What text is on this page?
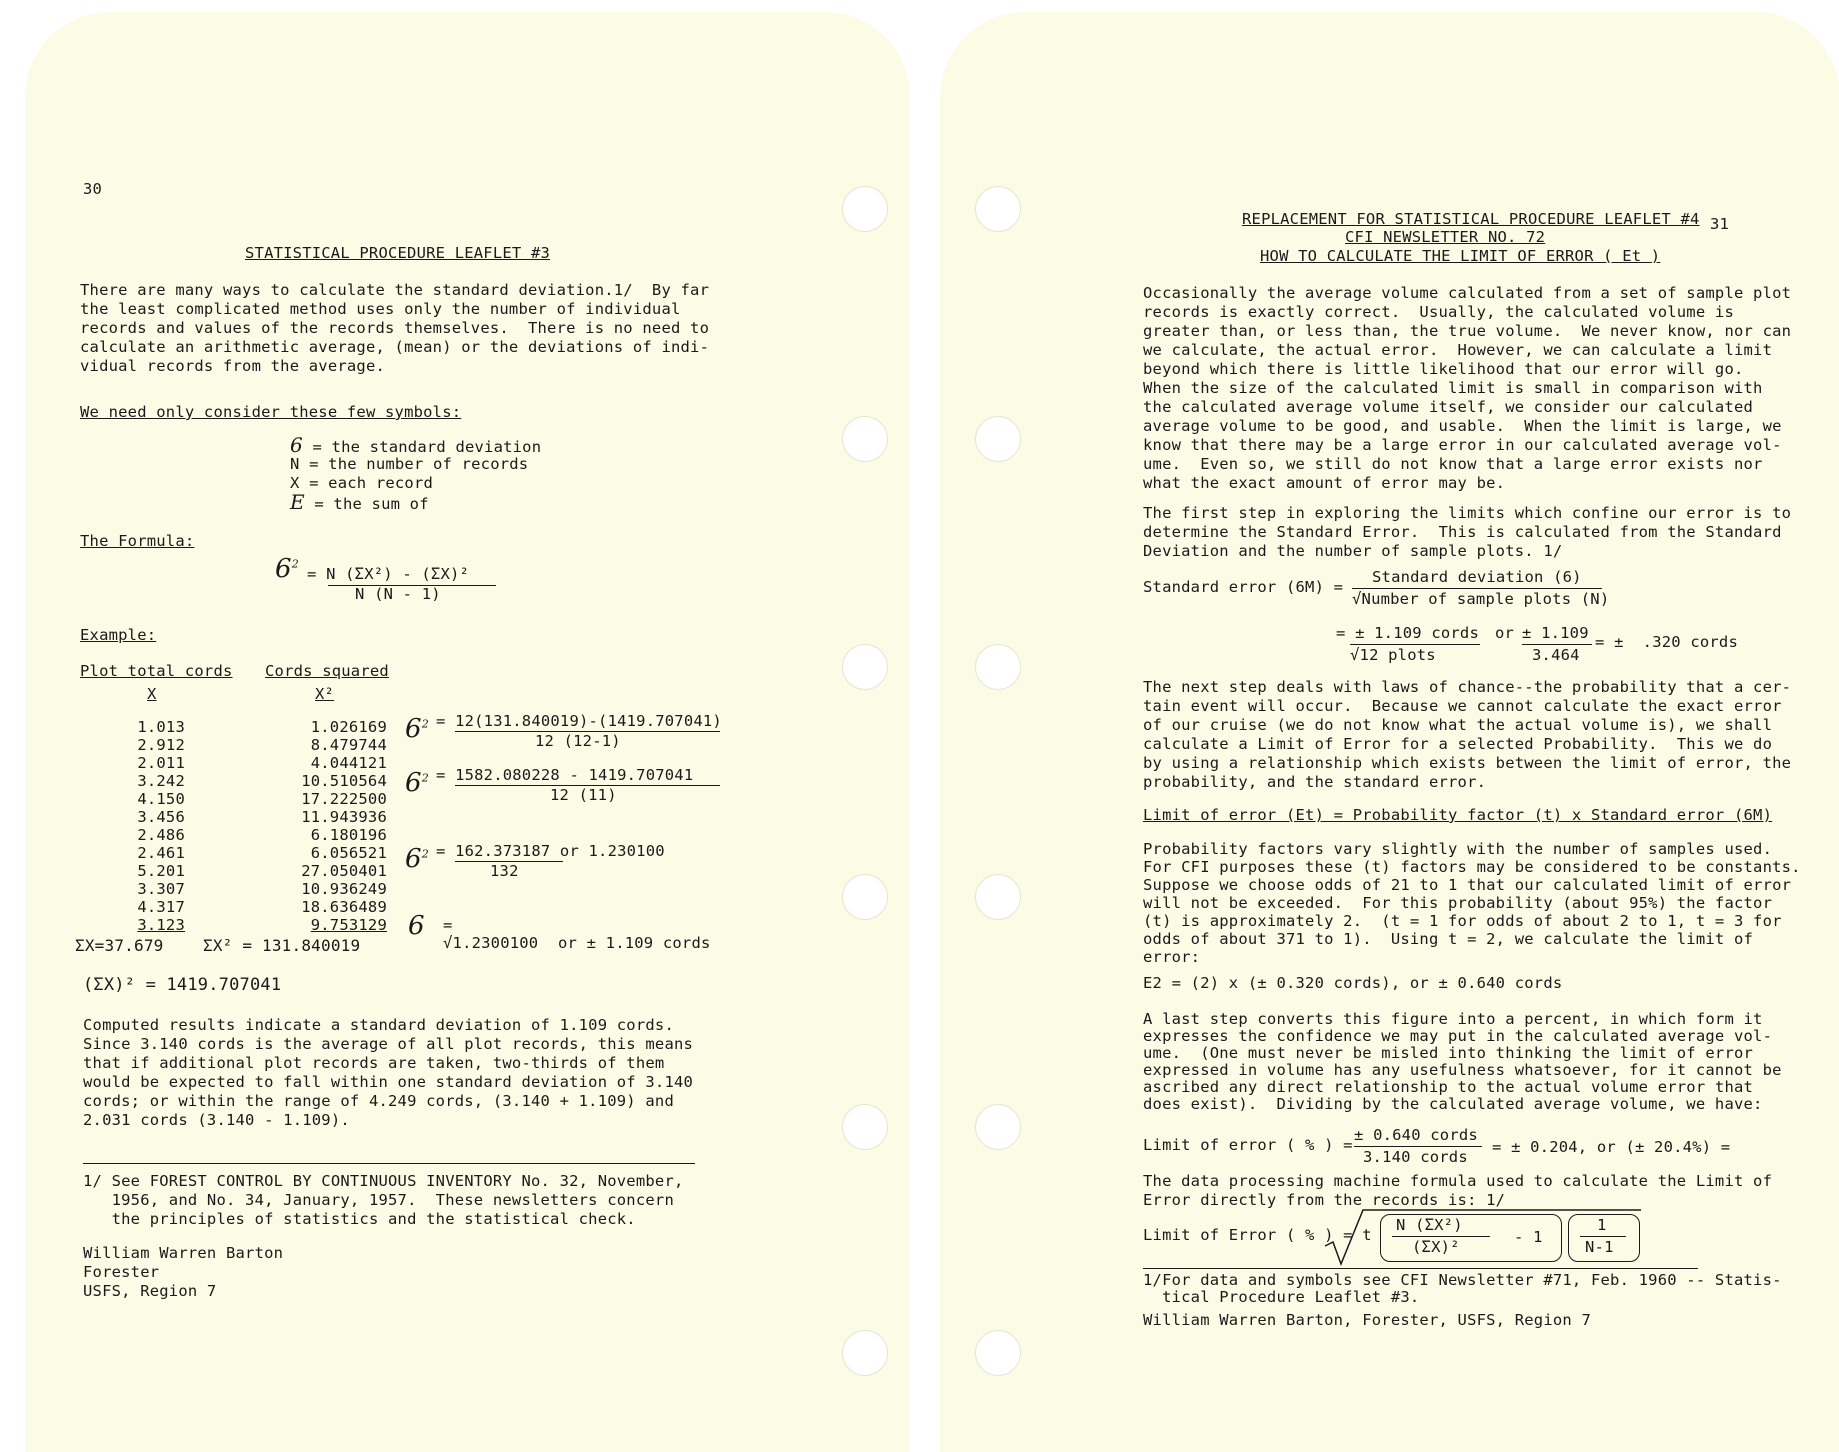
30
STATISTICAL PROCEDURE LEAFLET #3
There are many ways to calculate the standard deviation.1/  By far
the least complicated method uses only the number of individual
records and values of the records themselves.  There is no need to
calculate an arithmetic average, (mean) or the deviations of indi-
vidual records from the average.
We need only consider these few symbols:
6 = the standard deviation
N = the number of records
X = each record
E = the sum of
The Formula:
$6^2$
= N (ΣX²) - (ΣX)²
N (N - 1)
Example:
Plot total cords
X
Cords squared
X²
1.013
2.912
2.011
3.242
4.150
3.456
2.486
2.461
5.201
3.307
4.317
3.123
1.026169
8.479744
4.044121
10.510564
17.222500
11.943936
6.180196
6.056521
27.050401
10.936249
18.636489
9.753129
ΣX=37.679 ΣX² = 131.840019
$6^2 = 12(131.840019)-(1419.707041)$
12 (12-1)
$6^2 = 1582.080228 - 1419.707041$
12 (11)
$6^2 = 162.373187$ or 1.230100
132
6 =
√1.2300100 or ± 1.109 cords
(ΣX)² = 1419.707041
Computed results indicate a standard deviation of 1.109 cords.
Since 3.140 cords is the average of all plot records, this means
that if additional plot records are taken, two-thirds of them
would be expected to fall within one standard deviation of 3.140
cords; or within the range of 4.249 cords, (3.140 + 1.109) and
2.031 cords (3.140 - 1.109).
1/ See FOREST CONTROL BY CONTINUOUS INVENTORY No. 32, November,
1956, and No. 34, January, 1957.  These newsletters concern
the principles of statistics and the statistical check.
William Warren Barton
Forester
USFS, Region 7
31
REPLACEMENT FOR STATISTICAL PROCEDURE LEAFLET #4
CFI NEWSLETTER NO. 72
HOW TO CALCULATE THE LIMIT OF ERROR ( Et )
Occasionally the average volume calculated from a set of sample plot
records is exactly correct.  Usually, the calculated volume is
greater than, or less than, the true volume.  We never know, nor can
we calculate, the actual error.  However, we can calculate a limit
beyond which there is little likelihood that our error will go.
When the size of the calculated limit is small in comparison with
the calculated average volume itself, we consider our calculated
average volume to be good, and usable.  When the limit is large, we
know that there may be a large error in our calculated average vol-
ume.  Even so, we still do not know that a large error exists nor
what the exact amount of error may be.
The first step in exploring the limits which confine our error is to
determine the Standard Error.  This is calculated from the Standard
Deviation and the number of sample plots. 1/
Standard error (6M) =
Standard deviation (6)
√Number of sample plots (N)
= ± 1.109 cords
√12 plots
or ± 1.109
3.464
= ±  .320 cords
The next step deals with laws of chance--the probability that a cer-
tain event will occur.  Because we cannot calculate the exact error
of our cruise (we do not know what the actual volume is), we shall
calculate a Limit of Error for a selected Probability.  This we do
by using a relationship which exists between the limit of error, the
probability, and the standard error.
Limit of error (Et) = Probability factor (t) x Standard error (6M)
Probability factors vary slightly with the number of samples used.
For CFI purposes these (t) factors may be considered to be constants.
Suppose we choose odds of 21 to 1 that our calculated limit of error
will not be exceeded.  For this probability (about 95%) the factor
(t) is approximately 2.  (t = 1 for odds of about 2 to 1, t = 3 for
odds of about 371 to 1).  Using t = 2, we calculate the limit of
error:
E2 = (2) x (± 0.320 cords), or ± 0.640 cords
A last step converts this figure into a percent, in which form it
expresses the confidence we may put in the calculated average vol-
ume.  (One must never be misled into thinking the limit of error
expressed in volume has any usefulness whatsoever, for it cannot be
ascribed any direct relationship to the actual volume error that
does exist).  Dividing by the calculated average volume, we have:
Limit of error ( % ) =
± 0.640 cords
3.140 cords
= ± 0.204, or (± 20.4%) =
The data processing machine formula used to calculate the Limit of
Error directly from the records is: 1/
Limit of Error ( % ) = t
N (ΣX²)
(ΣX)²
- 1
1
N-1
1/For data and symbols see CFI Newsletter #71, Feb. 1960 -- Statis-
tical Procedure Leaflet #3.
William Warren Barton, Forester, USFS, Region 7
